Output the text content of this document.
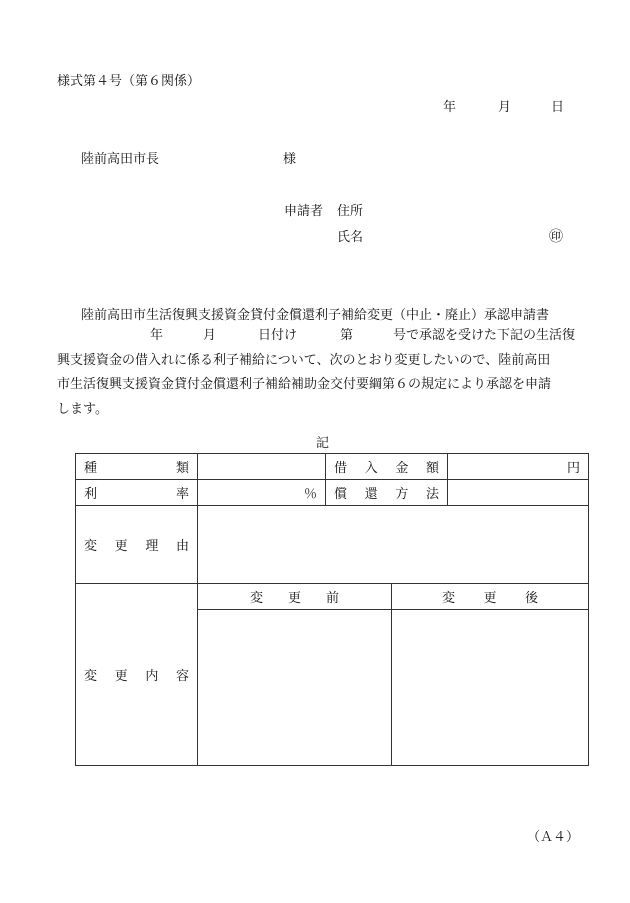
様式第４号（第６関係）
年	月	日
陸前高田市長	様
申請者 住所
氏名	㊞
陸前高田市生活復興支援資金貸付金償還利子補給変更（中止・廃止）承認申請書
年	月	日付け	第	号で承認を受けた下記の生活復
興支援資金の借入れに係る利子補給について、次のとおり変更したいので、陸前高田
市生活復興支援資金貸付金償還利子補給補助金交付要綱第６の規定により承認を申請
します。
記
種 類		借 入 金 額		円

利 率	％	償 還 方 法		

変 更 理 由				

変 更 内 容	変 更 前		変 更 後	

（Ａ４）
